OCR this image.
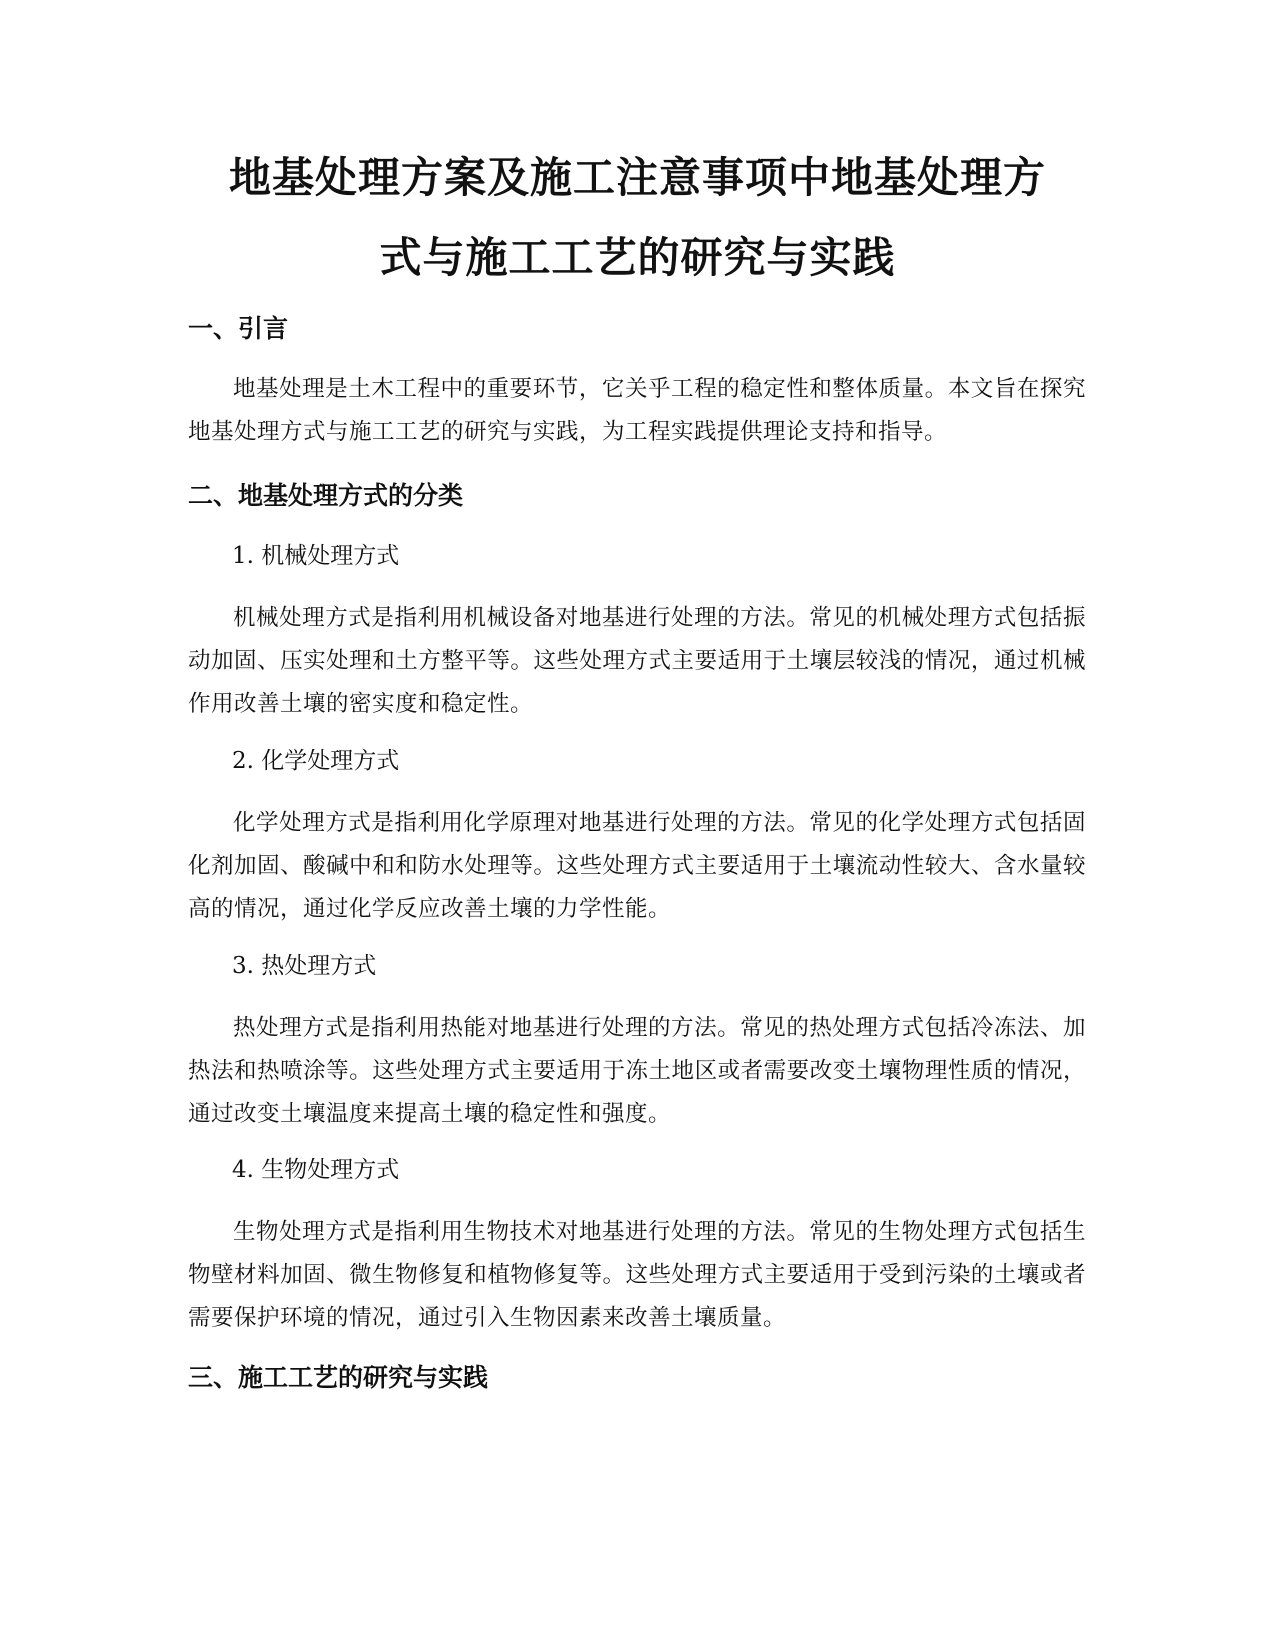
地基处理方案及施工注意事项中地基处理方
式与施工工艺的研究与实践
一、引言

地基处理是土木工程中的重要环节，它关乎工程的稳定性和整体质量。本文旨在探究地基处理方式与施工工艺的研究与实践，为工程实践提供理论支持和指导。

二、地基处理方式的分类

1. 机械处理方式

机械处理方式是指利用机械设备对地基进行处理的方法。常见的机械处理方式包括振动加固、压实处理和土方整平等。这些处理方式主要适用于土壤层较浅的情况，通过机械作用改善土壤的密实度和稳定性。

2. 化学处理方式

化学处理方式是指利用化学原理对地基进行处理的方法。常见的化学处理方式包括固化剂加固、酸碱中和和防水处理等。这些处理方式主要适用于土壤流动性较大、含水量较高的情况，通过化学反应改善土壤的力学性能。

3. 热处理方式

热处理方式是指利用热能对地基进行处理的方法。常见的热处理方式包括冷冻法、加热法和热喷涂等。这些处理方式主要适用于冻土地区或者需要改变土壤物理性质的情况，通过改变土壤温度来提高土壤的稳定性和强度。

4. 生物处理方式

生物处理方式是指利用生物技术对地基进行处理的方法。常见的生物处理方式包括生物壁材料加固、微生物修复和植物修复等。这些处理方式主要适用于受到污染的土壤或者需要保护环境的情况，通过引入生物因素来改善土壤质量。

三、施工工艺的研究与实践
